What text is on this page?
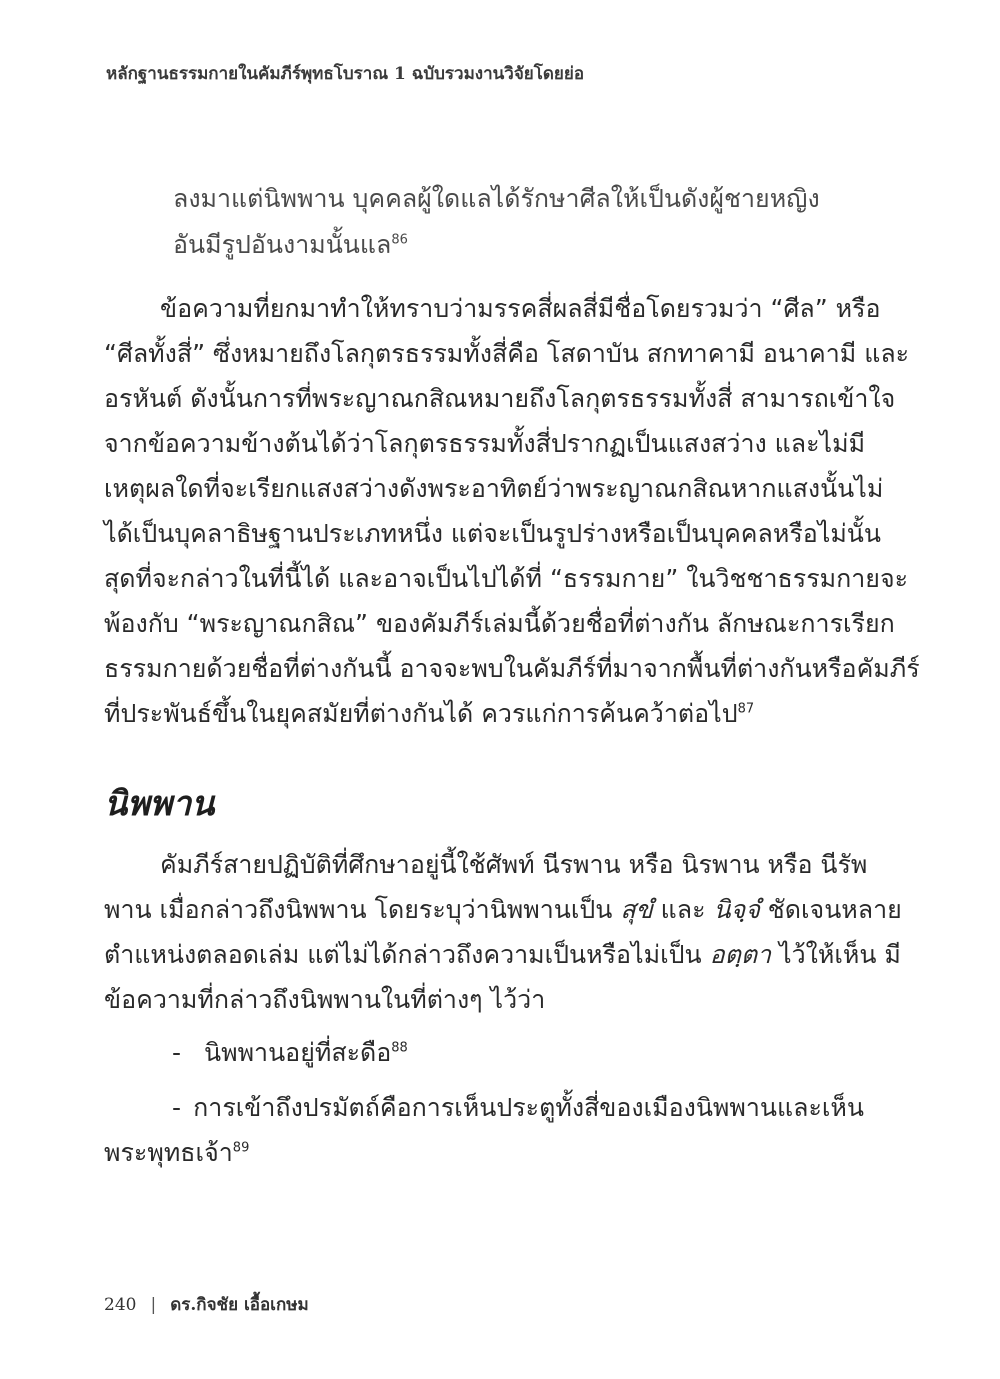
หลักฐานธรรมกายในคัมภีร์พุทธโบราณ 1 ฉบับรวมงานวิจัยโดยย่อ

ลงมาแต่นิพพาน บุคคลผู้ใดแลได้รักษาศีลให้เป็นดังผู้ชายหญิง

อันมีรูปอันงามนั้นแล$^{86}$

ข้อความที่ยกมาทำให้ทราบว่ามรรคสี่ผลสี่มีชื่อโดยรวมว่า “ศีล” หรือ
“ศีลทั้งสี่” ซึ่งหมายถึงโลกุตรธรรมทั้งสี่คือ โสดาบัน สกทาคามี อนาคามี และ
อรหันต์ ดังนั้นการที่พระญาณกสิณหมายถึงโลกุตรธรรมทั้งสี่ สามารถเข้าใจ
จากข้อความข้างต้นได้ว่าโลกุตรธรรมทั้งสี่ปรากฏเป็นแสงสว่าง และไม่มี
เหตุผลใดที่จะเรียกแสงสว่างดังพระอาทิตย์ว่าพระญาณกสิณหากแสงนั้นไม่
ได้เป็นบุคลาธิษฐานประเภทหนึ่ง แต่จะเป็นรูปร่างหรือเป็นบุคคลหรือไม่นั้น
สุดที่จะกล่าวในที่นี้ได้ และอาจเป็นไปได้ที่ “ธรรมกาย” ในวิชชาธรรมกายจะ
พ้องกับ “พระญาณกสิณ” ของคัมภีร์เล่มนี้ด้วยชื่อที่ต่างกัน ลักษณะการเรียก
ธรรมกายด้วยชื่อที่ต่างกันนี้ อาจจะพบในคัมภีร์ที่มาจากพื้นที่ต่างกันหรือคัมภีร์
ที่ประพันธ์ขึ้นในยุคสมัยที่ต่างกันได้ ควรแก่การค้นคว้าต่อไป$^{87}$
นิพพาน
คัมภีร์สายปฏิบัติที่ศึกษาอยู่นี้ใช้ศัพท์ นีรพาน หรือ นิรพาน หรือ นีรัพ
พาน เมื่อกล่าวถึงนิพพาน โดยระบุว่านิพพานเป็น สุขํ และ นิจฺจํ ชัดเจนหลาย
ตำแหน่งตลอดเล่ม แต่ไม่ได้กล่าวถึงความเป็นหรือไม่เป็น อตฺตา ไว้ให้เห็น มี
ข้อความที่กล่าวถึงนิพพานในที่ต่างๆ ไว้ว่า
- นิพพานอยู่ที่สะดือ$^{88}$
- การเข้าถึงปรมัตถ์คือการเห็นประตูทั้งสี่ของเมืองนิพพานและเห็น
พระพุทธเจ้า$^{89}$
240 | ดร.กิจชัย เอื้อเกษม
